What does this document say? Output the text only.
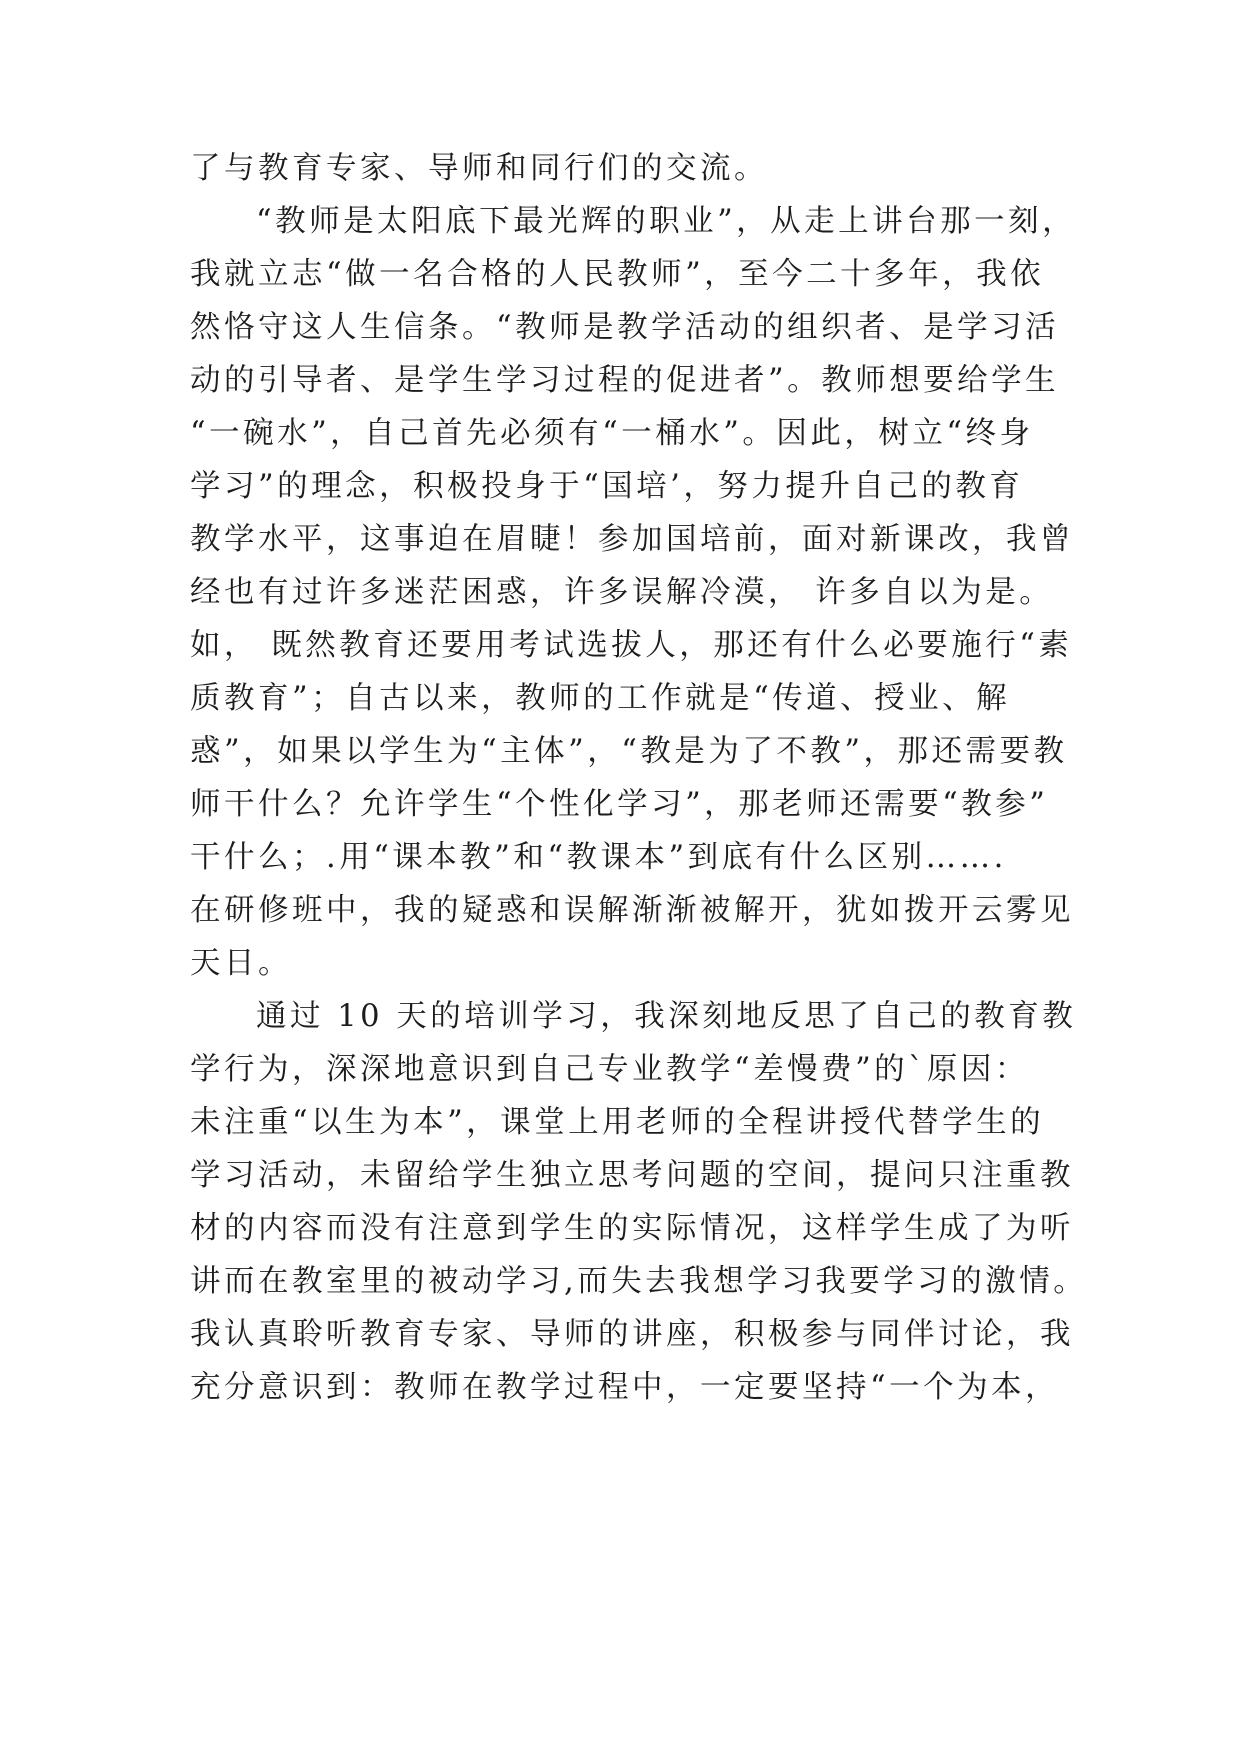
了与教育专家、导师和同行们的交流。
“教师是太阳底下最光辉的职业”，从走上讲台那一刻，
我就立志“做一名合格的人民教师”，至今二十多年，我依
然恪守这人生信条。“教师是教学活动的组织者、是学习活
动的引导者、是学生学习过程的促进者”。教师想要给学生
“一碗水”，自己首先必须有“一桶水”。因此，树立“终身
学习”的理念，积极投身于“国培’，努力提升自己的教育
教学水平，这事迫在眉睫！参加国培前，面对新课改，我曾
经也有过许多迷茫困惑，许多误解冷漠， 许多自以为是。
如， 既然教育还要用考试选拔人，那还有什么必要施行“素
质教育”；自古以来，教师的工作就是“传道、授业、解
惑”，如果以学生为“主体”，“教是为了不教”，那还需要教
师干什么？允许学生“个性化学习”，那老师还需要“教参”
干什么；.用“课本教”和“教课本”到底有什么区别…….
在研修班中，我的疑惑和误解渐渐被解开，犹如拨开云雾见
天日。
通过 10 天的培训学习，我深刻地反思了自己的教育教
学行为，深深地意识到自己专业教学“差慢费”的`原因：
未注重“以生为本”，课堂上用老师的全程讲授代替学生的
学习活动，未留给学生独立思考问题的空间，提问只注重教
材的内容而没有注意到学生的实际情况，这样学生成了为听
讲而在教室里的被动学习,而失去我想学习我要学习的激情。
我认真聆听教育专家、导师的讲座，积极参与同伴讨论，我
充分意识到：教师在教学过程中，一定要坚持“一个为本，
